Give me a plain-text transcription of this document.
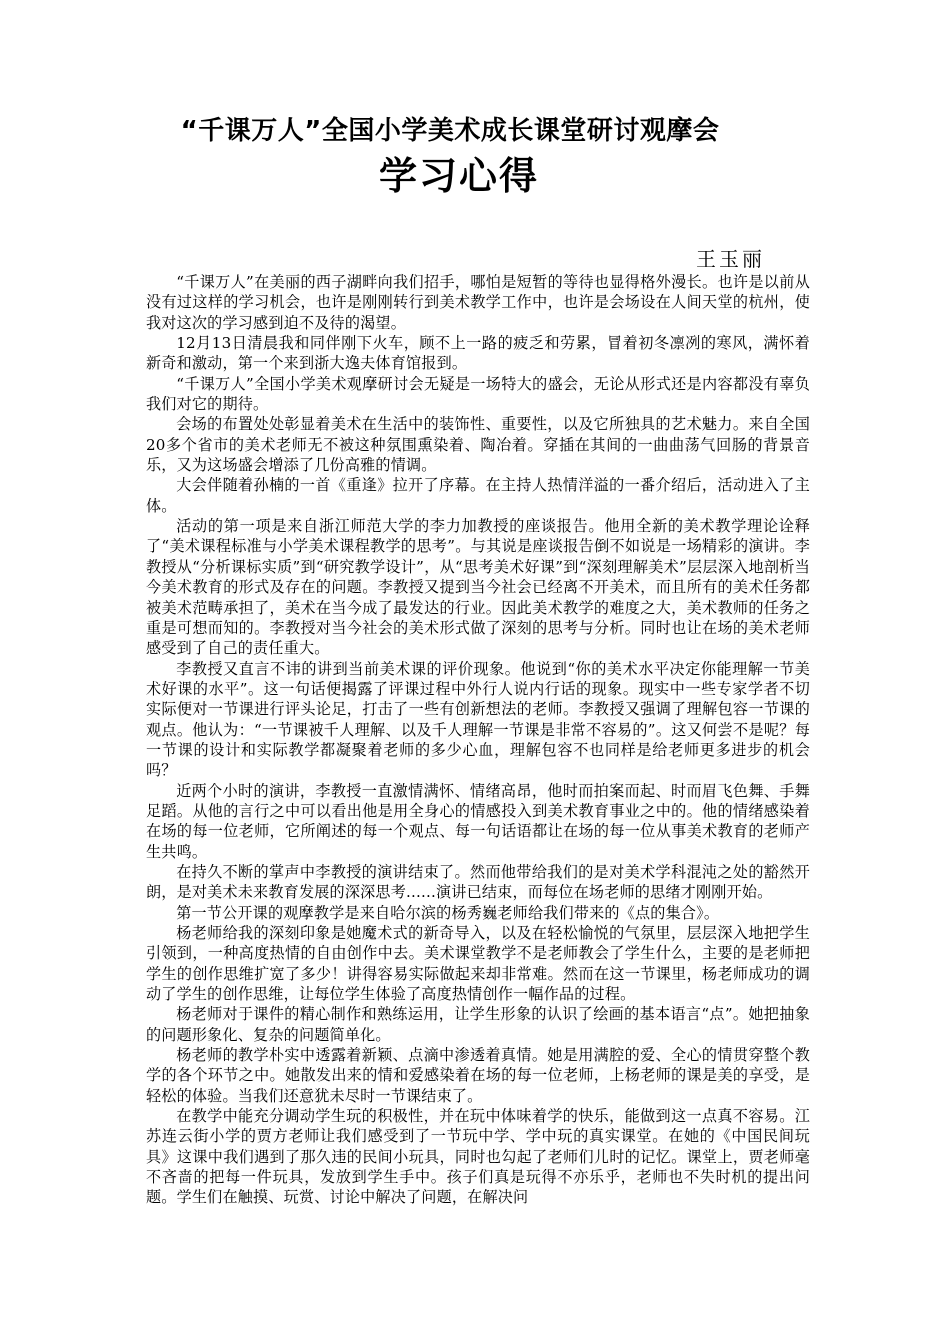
“千课万人”全国小学美术成长课堂研讨观摩会
学习心得
王玉丽

“千课万人”在美丽的西子湖畔向我们招手，哪怕是短暂的等待也显得格外漫长。也许是以前从没有过这样的学习机会，也许是刚刚转行到美术教学工作中，也许是会场设在人间天堂的杭州，使我对这次的学习感到迫不及待的渴望。

12月13日清晨我和同伴刚下火车，顾不上一路的疲乏和劳累，冒着初冬凛冽的寒风，满怀着新奇和激动，第一个来到浙大逸夫体育馆报到。

“千课万人”全国小学美术观摩研讨会无疑是一场特大的盛会，无论从形式还是内容都没有辜负我们对它的期待。

会场的布置处处彰显着美术在生活中的装饰性、重要性，以及它所独具的艺术魅力。来自全国20多个省市的美术老师无不被这种氛围熏染着、陶冶着。穿插在其间的一曲曲荡气回肠的背景音乐，又为这场盛会增添了几份高雅的情调。

大会伴随着孙楠的一首《重逢》拉开了序幕。在主持人热情洋溢的一番介绍后，活动进入了主体。

活动的第一项是来自浙江师范大学的李力加教授的座谈报告。他用全新的美术教学理论诠释了“美术课程标准与小学美术课程教学的思考”。与其说是座谈报告倒不如说是一场精彩的演讲。李教授从“分析课标实质”到“研究教学设计”，从“思考美术好课”到“深刻理解美术”层层深入地剖析当今美术教育的形式及存在的问题。李教授又提到当今社会已经离不开美术，而且所有的美术任务都被美术范畴承担了，美术在当今成了最发达的行业。因此美术教学的难度之大，美术教师的任务之重是可想而知的。李教授对当今社会的美术形式做了深刻的思考与分析。同时也让在场的美术老师感受到了自己的责任重大。

李教授又直言不讳的讲到当前美术课的评价现象。他说到“你的美术水平决定你能理解一节美术好课的水平”。这一句话便揭露了评课过程中外行人说内行话的现象。现实中一些专家学者不切实际便对一节课进行评头论足，打击了一些有创新想法的老师。李教授又强调了理解包容一节课的观点。他认为：“一节课被千人理解、以及千人理解一节课是非常不容易的”。这又何尝不是呢？每一节课的设计和实际教学都凝聚着老师的多少心血，理解包容不也同样是给老师更多进步的机会吗？

近两个小时的演讲，李教授一直激情满怀、情绪高昂，他时而拍案而起、时而眉飞色舞、手舞足蹈。从他的言行之中可以看出他是用全身心的情感投入到美术教育事业之中的。他的情绪感染着在场的每一位老师，它所阐述的每一个观点、每一句话语都让在场的每一位从事美术教育的老师产生共鸣。

在持久不断的掌声中李教授的演讲结束了。然而他带给我们的是对美术学科混沌之处的豁然开朗，是对美术未来教育发展的深深思考......演讲已结束，而每位在场老师的思绪才刚刚开始。

第一节公开课的观摩教学是来自哈尔滨的杨秀巍老师给我们带来的《点的集合》。

杨老师给我的深刻印象是她魔术式的新奇导入，以及在轻松愉悦的气氛里，层层深入地把学生引领到，一种高度热情的自由创作中去。美术课堂教学不是老师教会了学生什么，主要的是老师把学生的创作思维扩宽了多少！讲得容易实际做起来却非常难。然而在这一节课里，杨老师成功的调动了学生的创作思维，让每位学生体验了高度热情创作一幅作品的过程。

杨老师对于课件的精心制作和熟练运用，让学生形象的认识了绘画的基本语言“点”。她把抽象的问题形象化、复杂的问题简单化。

杨老师的教学朴实中透露着新颖、点滴中渗透着真情。她是用满腔的爱、全心的情贯穿整个教学的各个环节之中。她散发出来的情和爱感染着在场的每一位老师，上杨老师的课是美的享受，是轻松的体验。当我们还意犹未尽时一节课结束了。

在教学中能充分调动学生玩的积极性，并在玩中体味着学的快乐，能做到这一点真不容易。江苏连云街小学的贾方老师让我们感受到了一节玩中学、学中玩的真实课堂。在她的《中国民间玩具》这课中我们遇到了那久违的民间小玩具，同时也勾起了老师们儿时的记忆。课堂上，贾老师毫不吝啬的把每一件玩具，发放到学生手中。孩子们真是玩得不亦乐乎，老师也不失时机的提出问题。学生们在触摸、玩赏、讨论中解决了问题，在解决问
